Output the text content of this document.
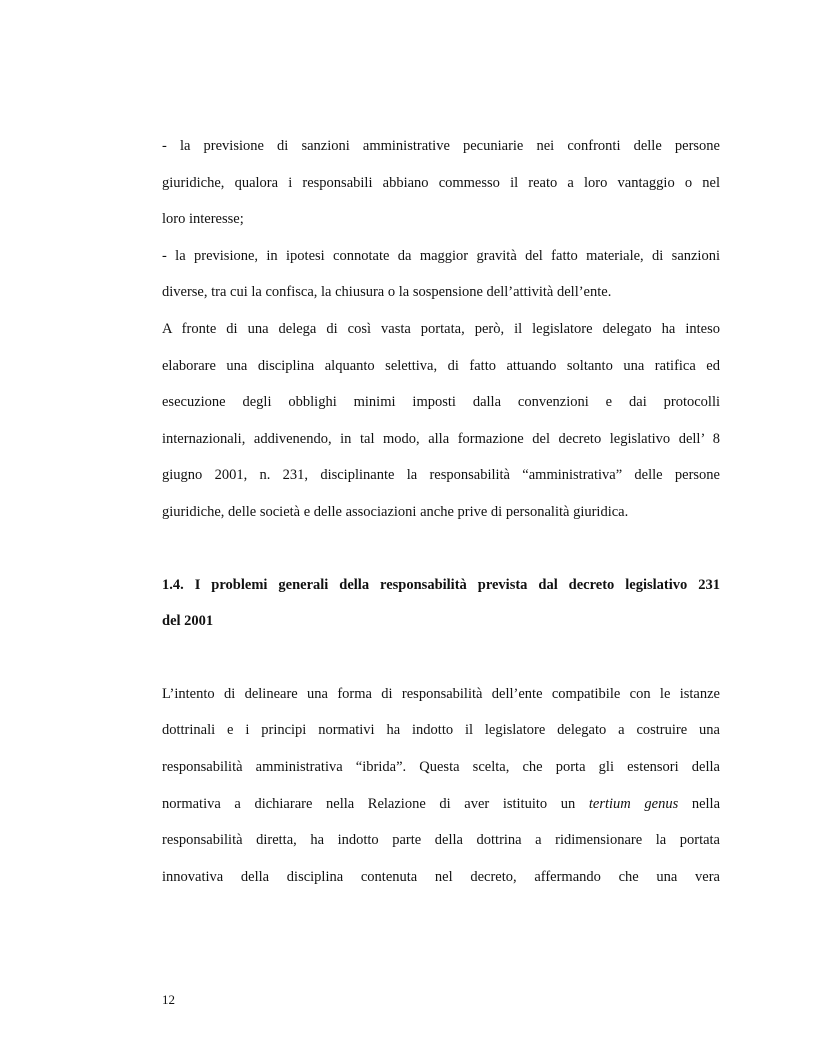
- la previsione di sanzioni amministrative pecuniarie nei confronti delle persone
giuridiche, qualora i responsabili abbiano commesso il reato a loro vantaggio o nel
loro interesse;

- la previsione, in ipotesi connotate da maggior gravità del fatto materiale, di sanzioni
diverse, tra cui la confisca, la chiusura o la sospensione dell’attività dell’ente.

A fronte di una delega di così vasta portata, però, il legislatore delegato ha inteso
elaborare una disciplina alquanto selettiva, di fatto attuando soltanto una ratifica ed
esecuzione degli obblighi minimi imposti dalla convenzioni e dai protocolli
internazionali, addivenendo, in tal modo, alla formazione del decreto legislativo dell’ 8
giugno 2001, n. 231, disciplinante la responsabilità “amministrativa” delle persone
giuridiche, delle società e delle associazioni anche prive di personalità giuridica.

1.4. I problemi generali della responsabilità prevista dal decreto legislativo 231
del 2001

L’intento di delineare una forma di responsabilità dell’ente compatibile con le istanze
dottrinali e i principi normativi ha indotto il legislatore delegato a costruire una
responsabilità amministrativa “ibrida”. Questa scelta, che porta gli estensori della
normativa a dichiarare nella Relazione di aver istituito un tertium genus nella
responsabilità diretta, ha indotto parte della dottrina a ridimensionare la portata
innovativa della disciplina contenuta nel decreto, affermando che una vera

12
